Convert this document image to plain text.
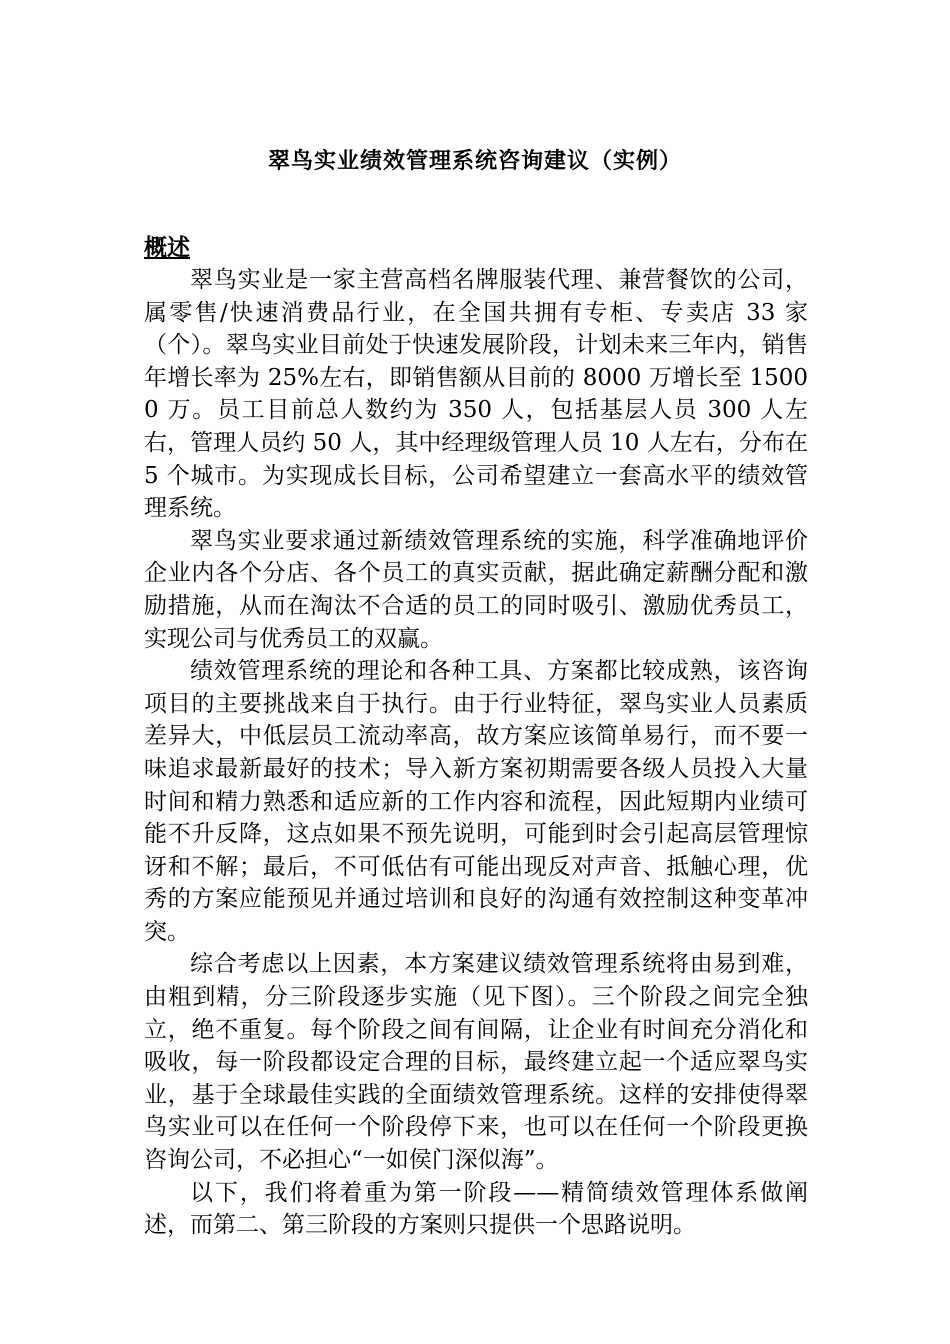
翠鸟实业绩效管理系统咨询建议（实例）
概述

翠鸟实业是一家主营高档名牌服装代理、兼营餐饮的公司，属零售/快速消费品行业，在全国共拥有专柜、专卖店 33 家（个）。翠鸟实业目前处于快速发展阶段，计划未来三年内，销售年增长率为 25%左右，即销售额从目前的 8000 万增长至 15000 万。员工目前总人数约为 350 人，包括基层人员 300 人左右，管理人员约 50 人，其中经理级管理人员 10 人左右，分布在 5 个城市。为实现成长目标，公司希望建立一套高水平的绩效管理系统。

翠鸟实业要求通过新绩效管理系统的实施，科学准确地评价企业内各个分店、各个员工的真实贡献，据此确定薪酬分配和激励措施，从而在淘汰不合适的员工的同时吸引、激励优秀员工，实现公司与优秀员工的双赢。

绩效管理系统的理论和各种工具、方案都比较成熟，该咨询项目的主要挑战来自于执行。由于行业特征，翠鸟实业人员素质差异大，中低层员工流动率高，故方案应该简单易行，而不要一味追求最新最好的技术；导入新方案初期需要各级人员投入大量时间和精力熟悉和适应新的工作内容和流程，因此短期内业绩可能不升反降，这点如果不预先说明，可能到时会引起高层管理惊讶和不解；最后，不可低估有可能出现反对声音、抵触心理，优秀的方案应能预见并通过培训和良好的沟通有效控制这种变革冲突。

综合考虑以上因素，本方案建议绩效管理系统将由易到难，由粗到精，分三阶段逐步实施（见下图）。三个阶段之间完全独立，绝不重复。每个阶段之间有间隔，让企业有时间充分消化和吸收，每一阶段都设定合理的目标，最终建立起一个适应翠鸟实业，基于全球最佳实践的全面绩效管理系统。这样的安排使得翠鸟实业可以在任何一个阶段停下来，也可以在任何一个阶段更换咨询公司，不必担心“一如侯门深似海”。

以下，我们将着重为第一阶段——精简绩效管理体系做阐述，而第二、第三阶段的方案则只提供一个思路说明。
